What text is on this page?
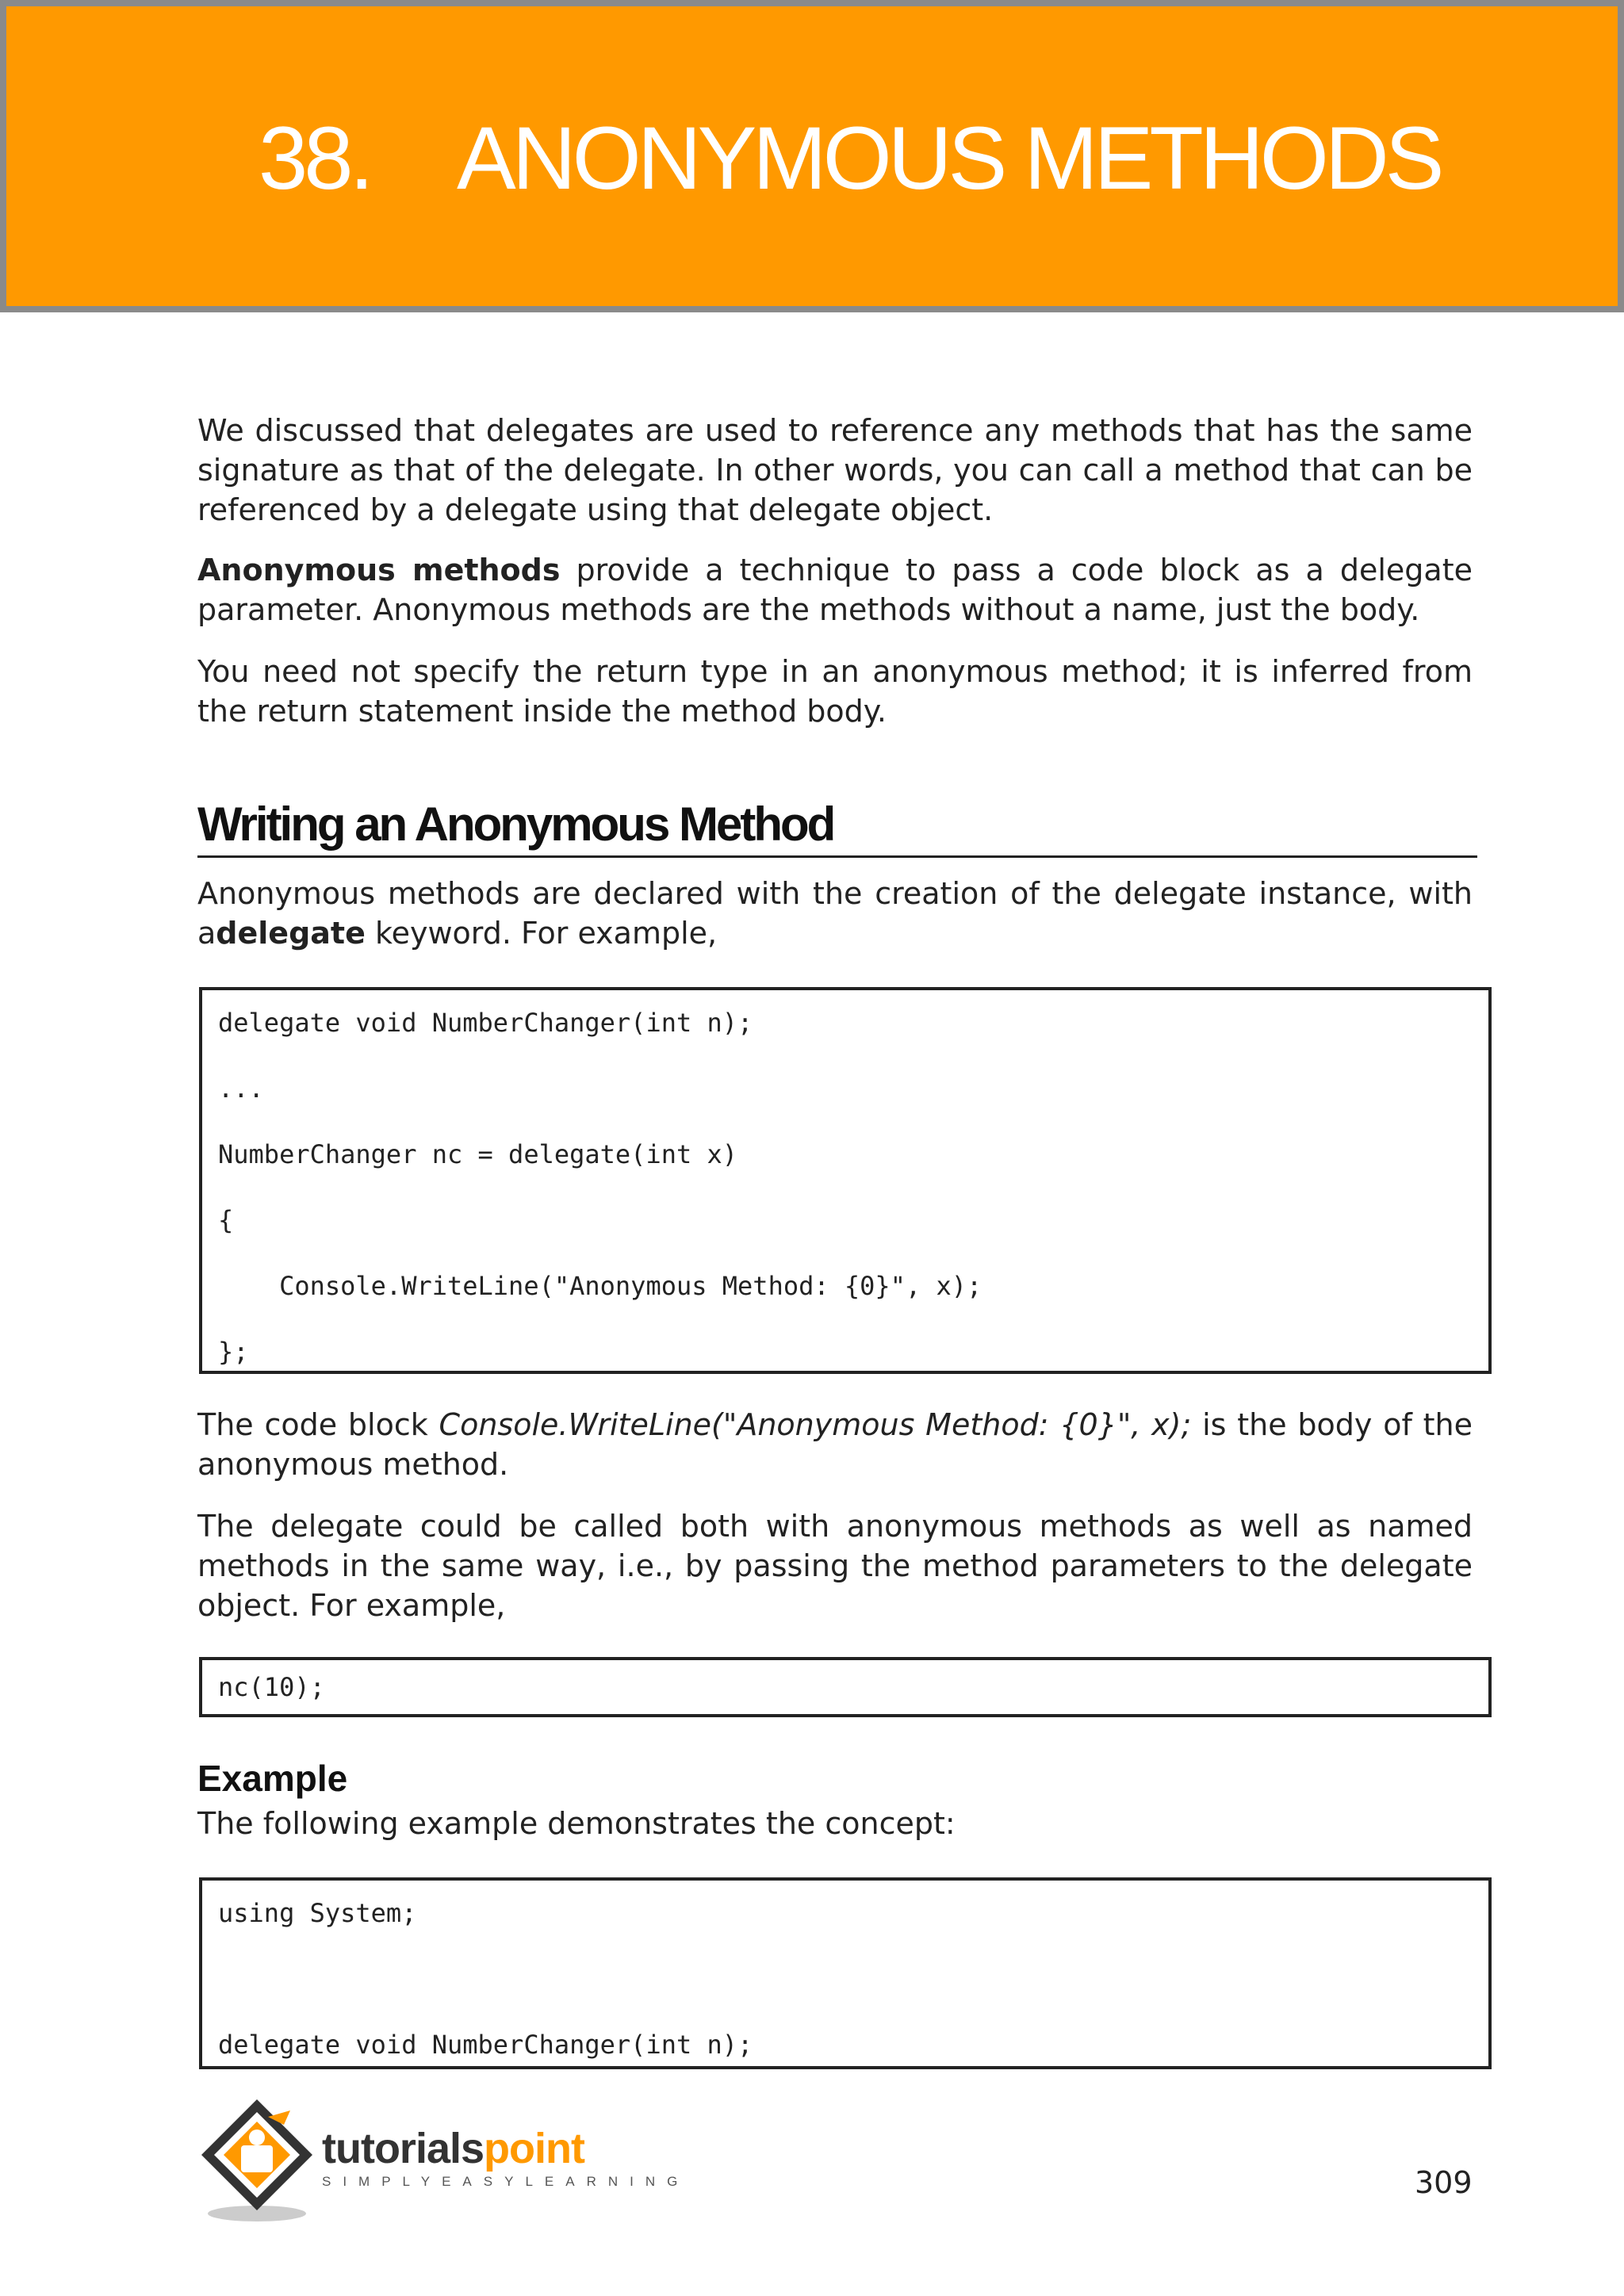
38. ANONYMOUS METHODS

We discussed that delegates are used to reference any methods that has the same signature as that of the delegate. In other words, you can call a method that can be referenced by a delegate using that delegate object.

Anonymous methods provide a technique to pass a code block as a delegate parameter. Anonymous methods are the methods without a name, just the body.

You need not specify the return type in an anonymous method; it is inferred from the return statement inside the method body.

Writing an Anonymous Method

Anonymous methods are declared with the creation of the delegate instance, with adelegate keyword. For example,

delegate void NumberChanger(int n);
...
NumberChanger nc = delegate(int x)
{
Console.WriteLine("Anonymous Method: {0}", x);
};

The code block Console.WriteLine("Anonymous Method: {0}", x); is the body of the anonymous method.

The delegate could be called both with anonymous methods as well as named methods in the same way, i.e., by passing the method parameters to the delegate object. For example,

nc(10);
Example

The following example demonstrates the concept:

using System;
delegate void NumberChanger(int n);
tutorialspoint
SIMPLYEASYLEARNING	309
